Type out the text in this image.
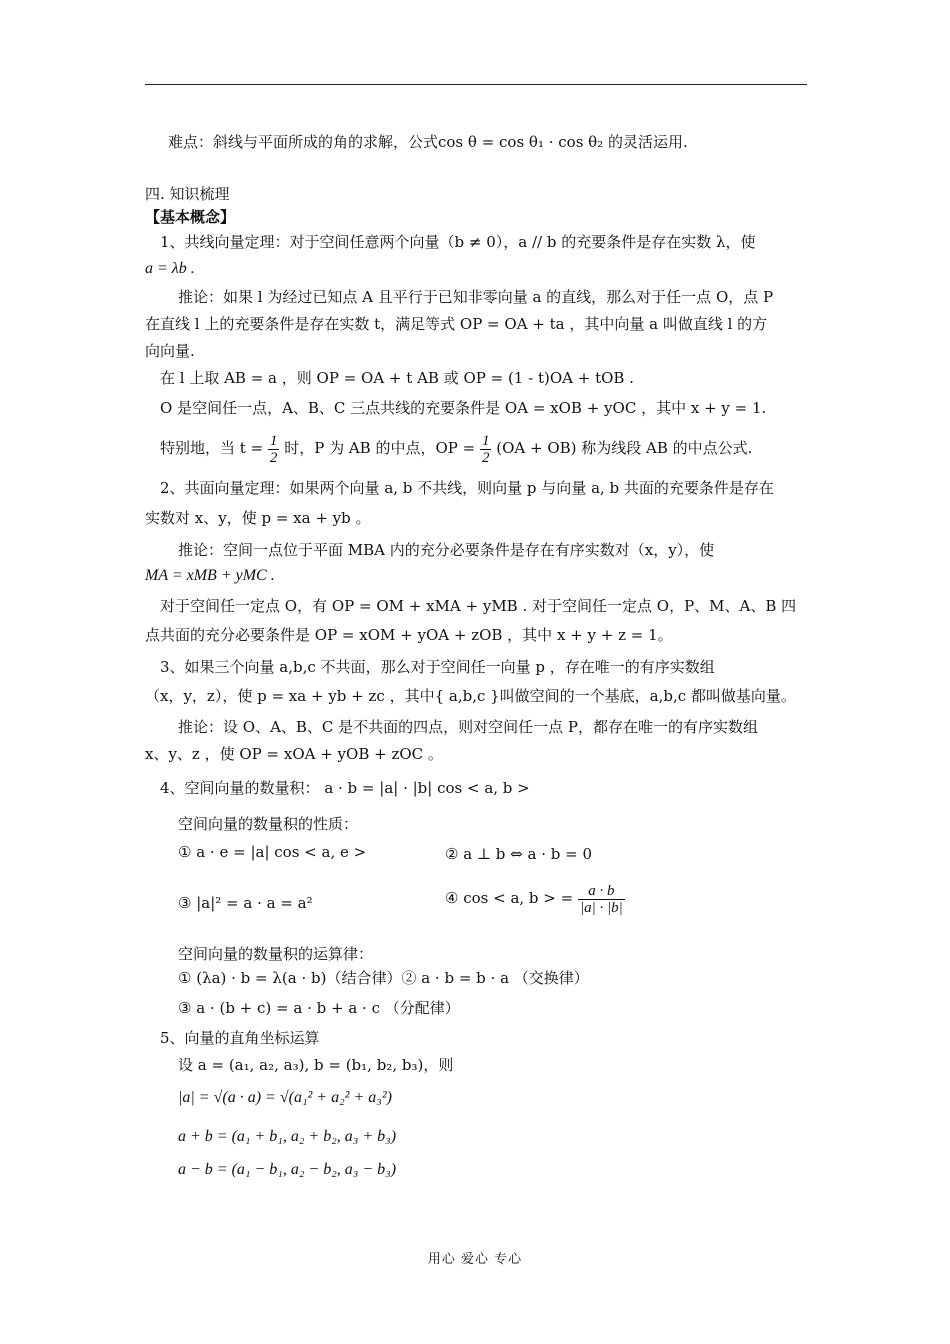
难点：斜线与平面所成的角的求解，公式cos θ = cos θ₁ · cos θ₂ 的灵活运用.
四. 知识梳理
【基本概念】
1、共线向量定理：对于空间任意两个向量（b ≠ 0），a // b 的充要条件是存在实数 λ，使
a = λb .
推论：如果 l 为经过已知点 A 且平行于已知非零向量 a 的直线，那么对于任一点 O，点 P
在直线 l 上的充要条件是存在实数 t，满足等式 OP = OA + ta ，其中向量 a 叫做直线 l 的方
向向量.
在 l 上取 AB = a ，则 OP = OA + t AB 或 OP = (1 - t)OA + tOB .
O 是空间任一点，A、B、C 三点共线的充要条件是 OA = xOB + yOC ，其中 x + y = 1.
特别地，当 $t = \frac{1}{2}$ 时，P 为 AB 的中点，OP = $\frac{1}{2} (OA + OB)$ 称为线段 AB 的中点公式.
2、共面向量定理：如果两个向量 a, b 不共线，则向量 p 与向量 a, b 共面的充要条件是存在
实数对 x、y，使 p = xa + yb 。
推论：空间一点位于平面 MBA 内的充分必要条件是存在有序实数对（x，y），使
MA = xMB + yMC .
对于空间任一定点 O，有 OP = OM + xMA + yMB . 对于空间任一定点 O，P、M、A、B 四
点共面的充分必要条件是 OP = xOM + yOA + zOB ，其中 x + y + z = 1。
3、如果三个向量 a,b,c 不共面，那么对于空间任一向量 p ，存在唯一的有序实数组
（x，y，z），使 p = xa + yb + zc ，其中{ a,b,c }叫做空间的一个基底，a,b,c 都叫做基向量。
推论：设 O、A、B、C 是不共面的四点，则对空间任一点 P，都存在唯一的有序实数组
x、y、z ，使 OP = xOA + yOB + zOC 。
4、空间向量的数量积： a · b = |a| · |b| cos < a, b >
空间向量的数量积的性质：
① a · e = |a| cos < a, e >	② a ⊥ b ⇔ a · b = 0
③ |a|² = a · a = a²	④ cos < a, b > = $\frac{a \cdot b}{|a| \cdot |b|}$
空间向量的数量积的运算律：
① (λa) · b = λ(a · b)（结合律）② a · b = b · a （交换律）
③ a · (b + c) = a · b + a · c （分配律）
5、向量的直角坐标运算
设 a = (a₁, a₂, a₃), b = (b₁, b₂, b₃)，则
|a| = √(a · a) = √(a₁² + a₂² + a₃²)
a + b = (a₁ + b₁, a₂ + b₂, a₃ + b₃)
a − b = (a₁ − b₁, a₂ − b₂, a₃ − b₃)
用心 爱心 专心
